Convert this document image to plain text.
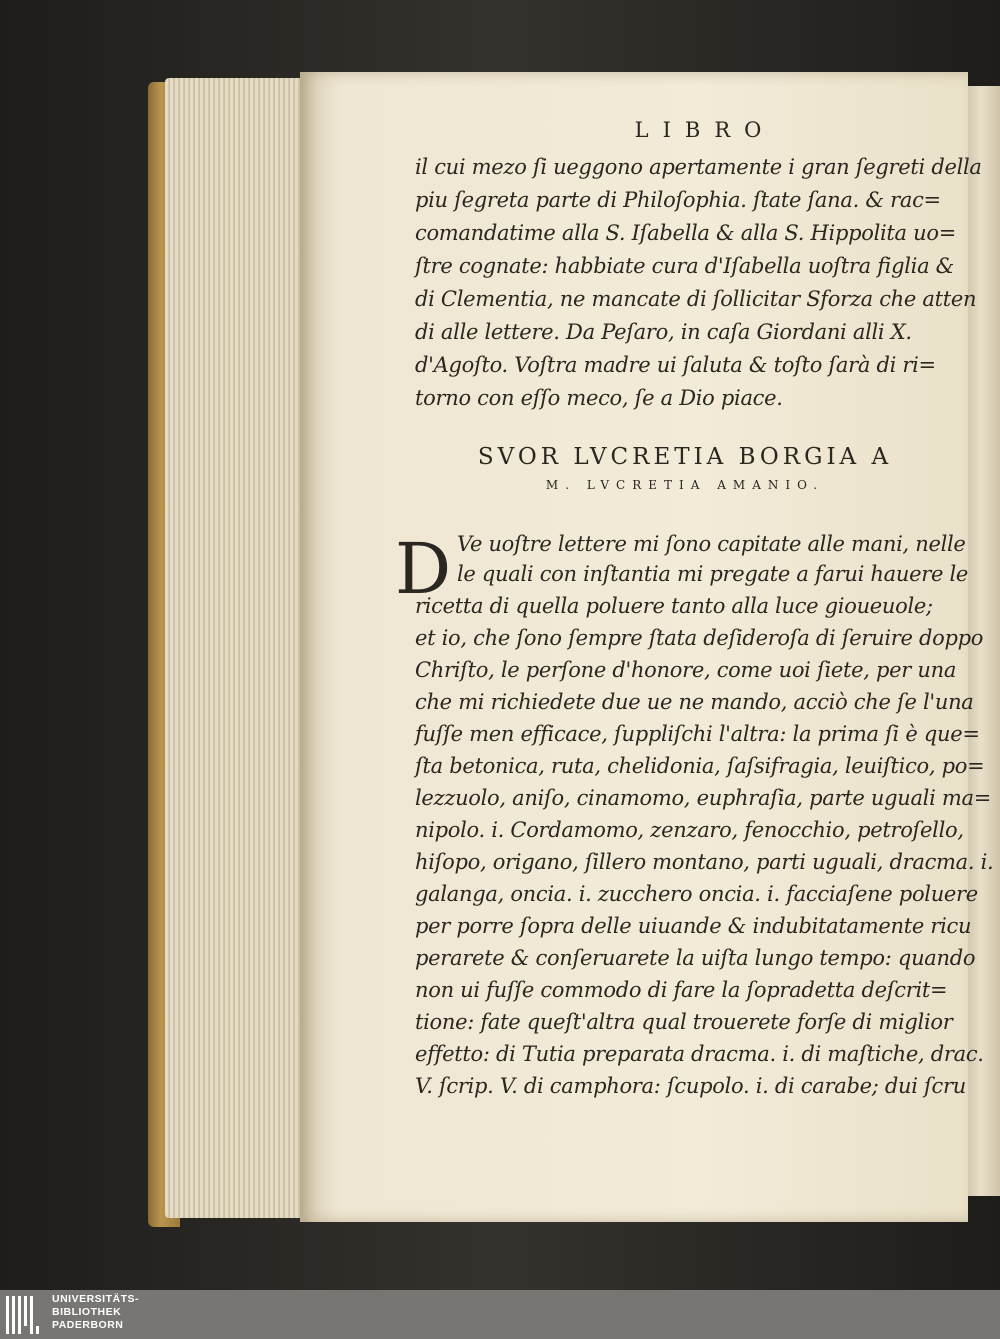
LIBRO
il cui mezo ſi ueggono apertamente i gran ſegreti della
piu ſegreta parte di Philoſophia. ſtate ſana. & rac=
comandatime alla S. Iſabella & alla S. Hippolita uo=
ſtre cognate: habbiate cura d'Iſabella uoſtra figlia &
di Clementia, ne mancate di ſollicitar Sforza che atten
di alle lettere. Da Peſaro, in caſa Giordani alli X.
d'Agoſto. Voſtra madre ui ſaluta & toſto ſarà di ri=
torno con eſſo meco, ſe a Dio piace.
SVOR LVCRETIA BORGIA A
M. LVCRETIA AMANIO.
D Ve uoſtre lettere mi ſono capitate alle mani, nelle
le quali con inſtantia mi pregate a farui hauere le
ricetta di quella poluere tanto alla luce gioueuole;
et io, che ſono ſempre ſtata deſideroſa di ſeruire doppo
Chriſto, le perſone d'honore, come uoi ſiete, per una
che mi richiedete due ue ne mando, acciò che ſe l'una
fuſſe men efficace, ſuppliſchi l'altra: la prima ſi è que=
ſta betonica, ruta, chelidonia, ſaſsifragia, leuiſtico, po=
lezzuolo, aniſo, cinamomo, euphraſia, parte uguali ma=
nipolo. i. Cordamomo, zenzaro, fenocchio, petroſello,
hiſopo, origano, ſillero montano, parti uguali, dracma. i.
galanga, oncia. i. zucchero oncia. i. facciaſene poluere
per porre ſopra delle uiuande & indubitatamente ricu
perarete & conſeruarete la uiſta lungo tempo: quando
non ui fuſſe commodo di fare la ſopradetta deſcrit=
tione: fate queſt'altra qual trouerete forſe di miglior
effetto: di Tutia preparata dracma. i. di maſtiche, drac.
V. ſcrip. V. di camphora: ſcupolo. i. di carabe; dui ſcru
UNIVERSITÄTS-
BIBLIOTHEK
PADERBORN
